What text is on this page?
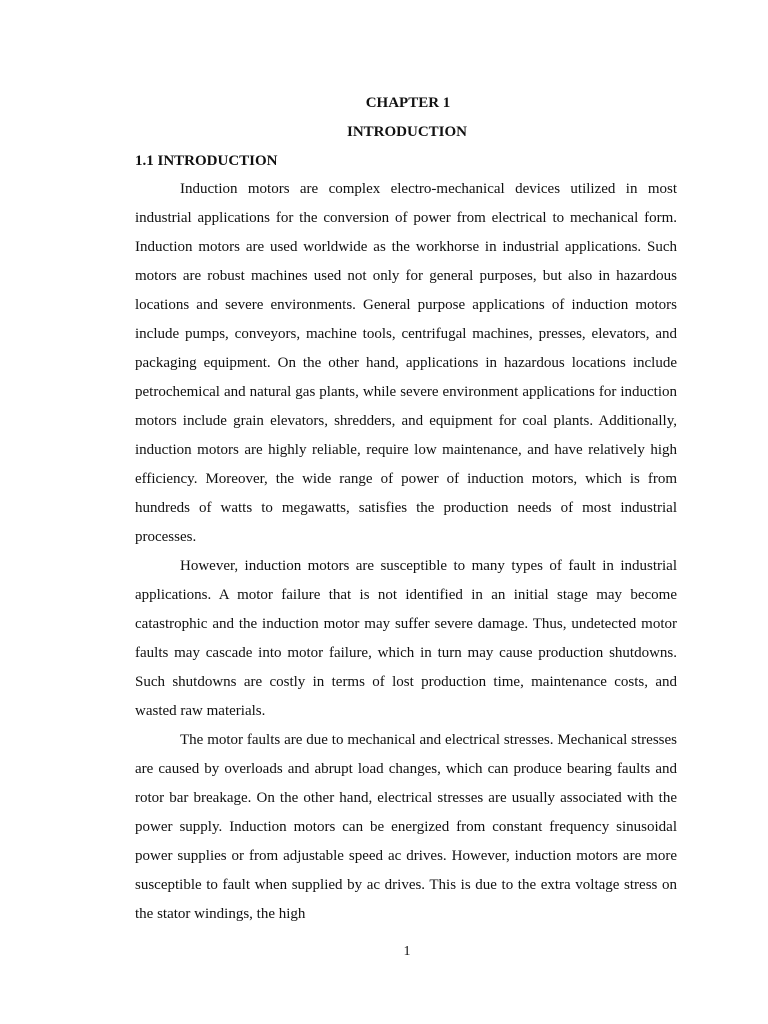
CHAPTER 1
INTRODUCTION
1.1 INTRODUCTION

Induction motors are complex electro-mechanical devices utilized in most industrial applications for the conversion of power from electrical to mechanical form. Induction motors are used worldwide as the workhorse in industrial applications. Such motors are robust machines used not only for general purposes, but also in hazardous locations and severe environments. General purpose applications of induction motors include pumps, conveyors, machine tools, centrifugal machines, presses, elevators, and packaging equipment. On the other hand, applications in hazardous locations include petrochemical and natural gas plants, while severe environment applications for induction motors include grain elevators, shredders, and equipment for coal plants. Additionally, induction motors are highly reliable, require low maintenance, and have relatively high efficiency. Moreover, the wide range of power of induction motors, which is from hundreds of watts to megawatts, satisfies the production needs of most industrial processes.

However, induction motors are susceptible to many types of fault in industrial applications. A motor failure that is not identified in an initial stage may become catastrophic and the induction motor may suffer severe damage. Thus, undetected motor faults may cascade into motor failure, which in turn may cause production shutdowns. Such shutdowns are costly in terms of lost production time, maintenance costs, and wasted raw materials.

The motor faults are due to mechanical and electrical stresses. Mechanical stresses are caused by overloads and abrupt load changes, which can produce bearing faults and rotor bar breakage. On the other hand, electrical stresses are usually associated with the power supply. Induction motors can be energized from constant frequency sinusoidal power supplies or from adjustable speed ac drives. However, induction motors are more susceptible to fault when supplied by ac drives. This is due to the extra voltage stress on the stator windings, the high

1
